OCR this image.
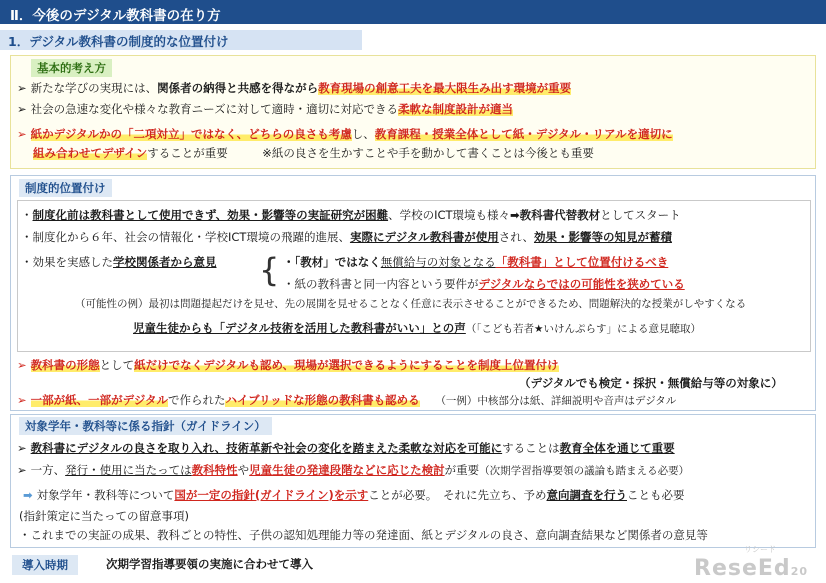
Ⅱ．今後のデジタル教科書の在り方
1．デジタル教科書の制度的な位置付け
基本的考え方
➢ 新たな学びの実現には、関係者の納得と共感を得ながら教育現場の創意工夫を最大限生み出す環境が重要
➢ 社会の急速な変化や様々な教育ニーズに対して適時・適切に対応できる柔軟な制度設計が適当
➢ 紙かデジタルかの「二項対立」ではなく、どちらの良さも考慮し、教育課程・授業全体として紙・デジタル・リアルを適切に
組み合わせてデザインすることが重要　　　	※紙の良さを生かすことや手を動かして書くことは今後とも重要
制度的位置付け
・制度化前は教科書として使用できず、効果・影響等の実証研究が困難、学校のICT環境も様々➡教科書代替教材としてスタート
・制度化から６年、社会の情報化・学校ICT環境の飛躍的進展、実際にデジタル教科書が使用され、効果・影響等の知見が蓄積
・効果を実感した学校関係者から意見 { ・「教材」ではなく無償給与の対象となる「教科書」として位置付けるべき
・紙の教科書と同一内容という要件がデジタルならではの可能性を狭めている
（可能性の例）最初は問題提起だけを見せ、先の展開を見せることなく任意に表示させることができるため、問題解決的な授業がしやすくなる
児童生徒からも「デジタル技術を活用した教科書がいい」との声（「こども若者★いけんぷらす」による意見聴取）
➢ 教科書の形態として紙だけでなくデジタルも認め、現場が選択できるようにすることを制度上位置付け
（デジタルでも検定・採択・無償給与等の対象に）
➢ 一部が紙、一部がデジタルで作られたハイブリッドな形態の教科書も認める　　 （一例）中核部分は紙、詳細説明や音声はデジタル
対象学年・教科等に係る指針（ガイドライン）
➢ 教科書にデジタルの良さを取り入れ、技術革新や社会の変化を踏まえた柔軟な対応を可能にすることは教育全体を通じて重要
➢ 一方、発行・使用に当たっては教科特性や児童生徒の発達段階などに応じた検討が重要（次期学習指導要領の議論も踏まえる必要）
➡ 対象学年・教科等について国が一定の指針(ガイドライン)を示すことが必要。　それに先立ち、予め意向調査を行うことも必要
(指針策定に当たっての留意事項)
・これまでの実証の成果、教科ごとの特性、子供の認知処理能力等の発達面、紙とデジタルの良さ、意向調査結果など関係者の意見等
導入時期	次期学習指導要領の実施に合わせて導入
リシード
ReseEd20
